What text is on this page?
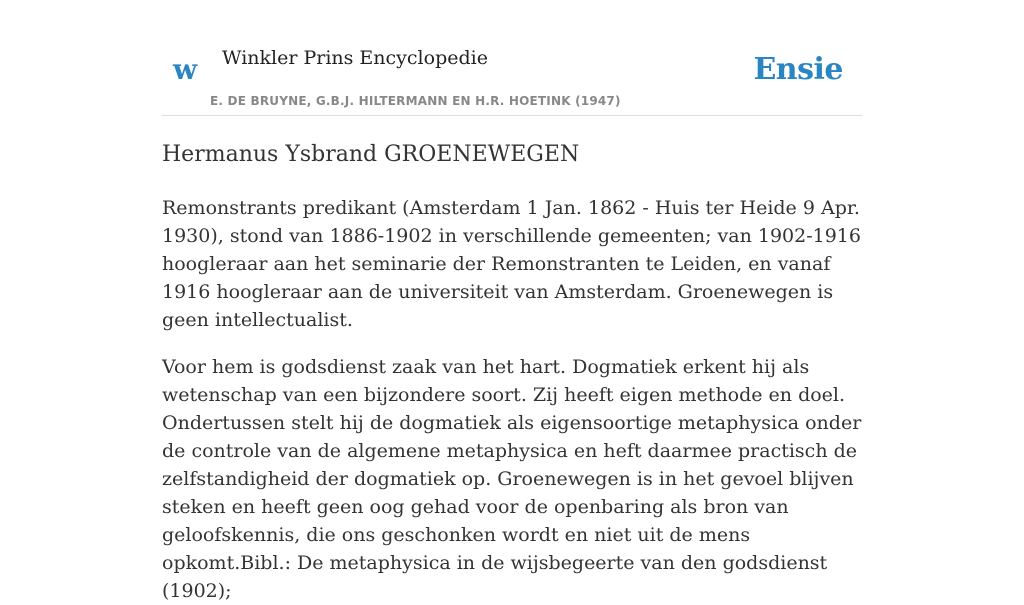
w Winkler Prins Encyclopedie
E. DE BRUYNE, G.B.J. HILTERMANN EN H.R. HOETINK (1947)
Ensie
Hermanus Ysbrand GROENEWEGEN

Remonstrants predikant (Amsterdam 1 Jan. 1862 - Huis ter Heide 9 Apr. 1930), stond van 1886-1902 in verschillende gemeenten; van 1902-1916 hoogleraar aan het seminarie der Remonstranten te Leiden, en vanaf 1916 hoogleraar aan de universiteit van Amsterdam. Groenewegen is geen intellectualist.

Voor hem is godsdienst zaak van het hart. Dogmatiek erkent hij als wetenschap van een bijzondere soort. Zij heeft eigen methode en doel. Ondertussen stelt hij de dogmatiek als eigensoortige metaphysica onder de controle van de algemene metaphysica en heft daarmee practisch de zelfstandigheid der dogmatiek op. Groenewegen is in het gevoel blijven steken en heeft geen oog gehad voor de openbaring als bron van geloofskennis, die ons geschonken wordt en niet uit de mens opkomt.Bibl.: De metaphysica in de wijsbegeerte van den godsdienst (1902);
